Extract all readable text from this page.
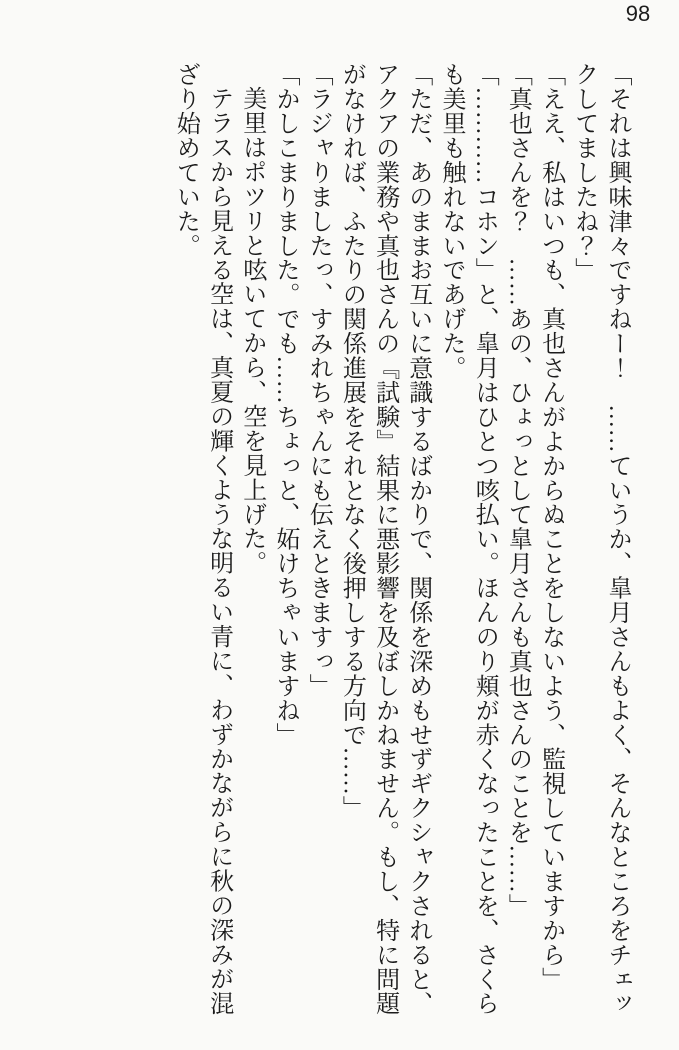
98

「それは興味津々ですねー！　……ていうか、皐月さんもよく、そんなところをチェックしてましたね？」

「ええ、私はいつも、真也さんがよからぬことをしないよう、監視していますから」

「真也さんを？　……あの、ひょっとして皐月さんも真也さんのことを……」

「…………コホン」と、皐月はひとつ咳払い。ほんのり頬が赤くなったことを、さくらも美里も触れないであげた。

「ただ、あのままお互いに意識するばかりで、関係を深めもせずギクシャクされると、アクアの業務や真也さんの『試験』結果に悪影響を及ぼしかねません。もし、特に問題がなければ、ふたりの関係進展をそれとなく後押しする方向で……」

「ラジャりましたっ、すみれちゃんにも伝えときますっ」

「かしこまりました。でも……ちょっと、妬けちゃいますね」

美里はポツリと呟いてから、空を見上げた。

テラスから見える空は、真夏の輝くような明るい青に、わずかながらに秋の深みが混ざり始めていた。
